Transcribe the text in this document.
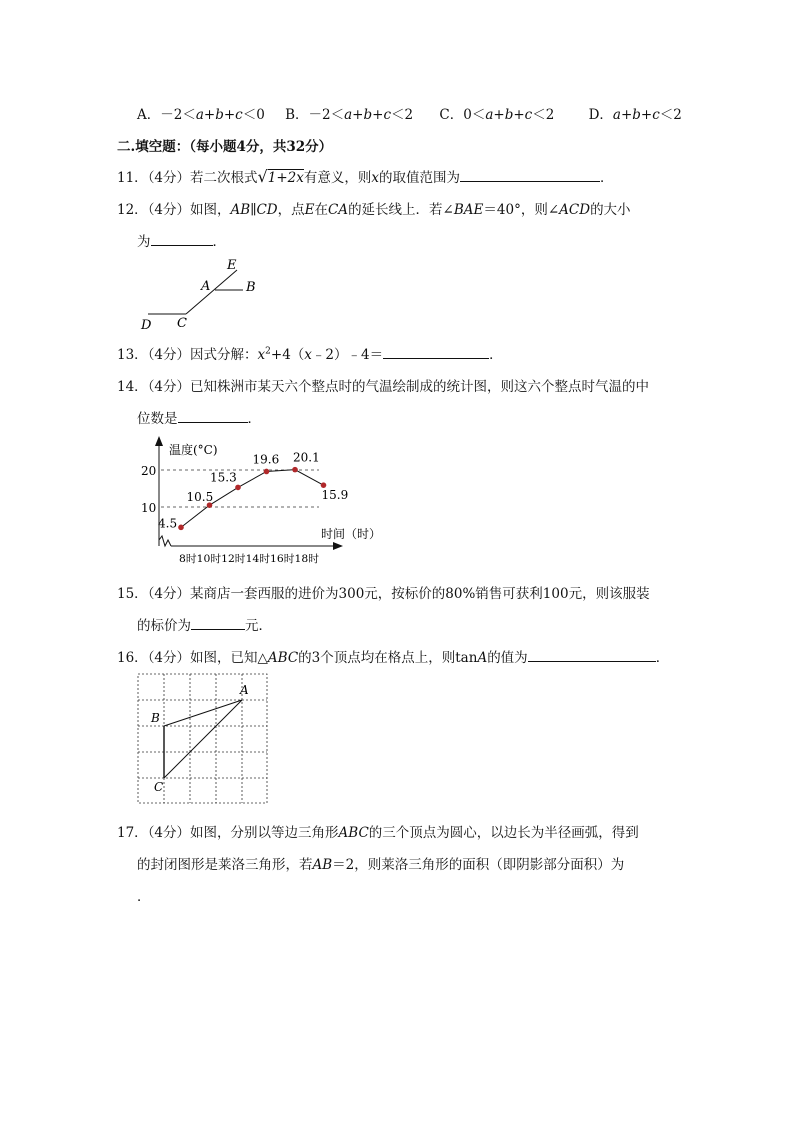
A．－2＜a+b+c＜0 B．－2＜a+b+c＜2 C．0＜a+b+c＜2	D．a+b+c＜2
二.填空题：（每小题4分，共32分）
11．（4分）若二次根式√1+2x有意义，则x的取值范围为	．
12．（4分）如图，AB∥CD，点E在CA的延长线上．若∠BAE＝40°，则∠ACD的大小
为	．
E
A	B
D C
13．（4分）因式分解：$x^2+4(x﹣2)﹣4=$	．
14．（4分）已知株洲市某天六个整点时的气温绘制成的统计图，则这六个整点时气温的中
位数是	．
20
10
温度(°C)
时间（时）
8时10时12时14时16时18时
4.5
10.5
15.3
19.6 20.1
15.9
15．（4分）某商店一套西服的进价为300元，按标价的80%销售可获利100元，则该服装
的标价为	元．
16．（4分）如图，已知△ABC的3个顶点均在格点上，则tanA的值为	．
A
B
C
17．（4分）如图，分别以等边三角形ABC的三个顶点为圆心，以边长为半径画弧，得到
的封闭图形是莱洛三角形，若AB＝2，则莱洛三角形的面积（即阴影部分面积）为
．
